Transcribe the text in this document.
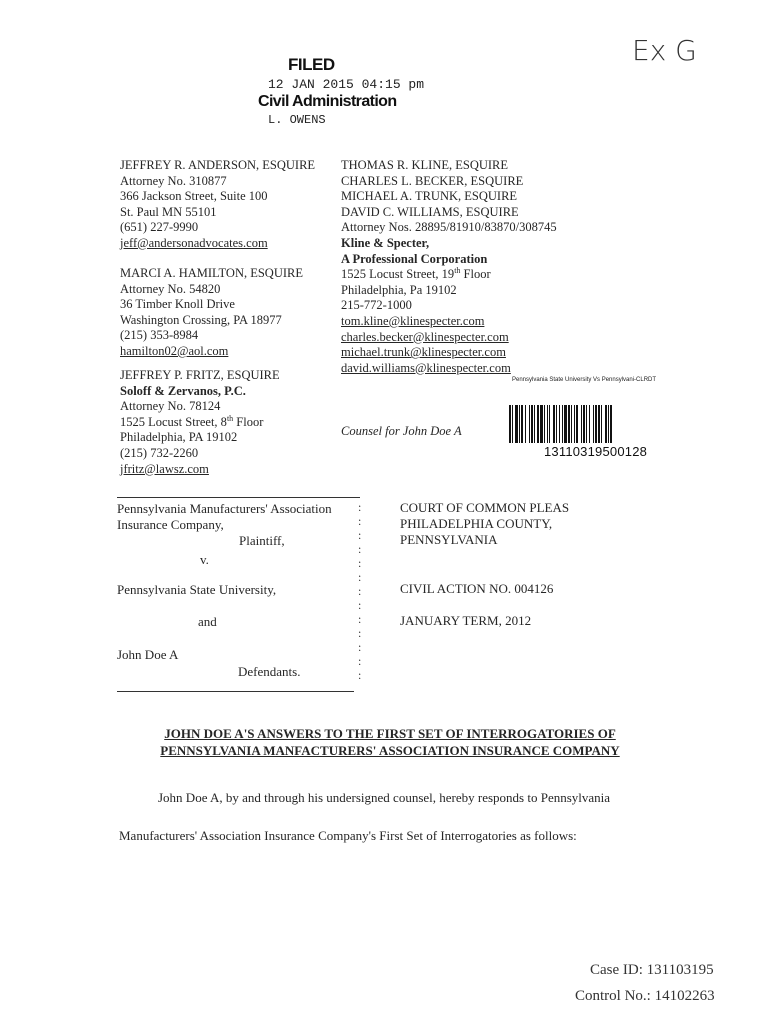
Ex G
FILED
12 JAN 2015 04:15 pm
Civil Administration
L. OWENS
JEFFREY R. ANDERSON, ESQUIRE
Attorney No. 310877
366 Jackson Street, Suite 100
St. Paul MN 55101
(651) 227-9990
jeff@andersonadvocates.com
MARCI A. HAMILTON, ESQUIRE
Attorney No. 54820
36 Timber Knoll Drive
Washington Crossing, PA 18977
(215) 353-8984
hamilton02@aol.com
JEFFREY P. FRITZ, ESQUIRE
Soloff & Zervanos, P.C.
Attorney No. 78124
1525 Locust Street, 8th Floor
Philadelphia, PA 19102
(215) 732-2260
jfritz@lawsz.com
THOMAS R. KLINE, ESQUIRE
CHARLES L. BECKER, ESQUIRE
MICHAEL A. TRUNK, ESQUIRE
DAVID C. WILLIAMS, ESQUIRE
Attorney Nos. 28895/81910/83870/308745
Kline & Specter,
A Professional Corporation
1525 Locust Street, 19th Floor
Philadelphia, Pa 19102
215-772-1000
tom.kline@klinespecter.com
charles.becker@klinespecter.com
michael.trunk@klinespecter.com
david.williams@klinespecter.com
Counsel for John Doe A
Pennsylvania State University Vs Pennsylvani-CLRDT
13110319500128
Pennsylvania Manufacturers' Association
Insurance Company,
Plaintiff,
v.
Pennsylvania State University,
and
John Doe A
Defendants.
:
:
:
:
:
:
:
:
:
:
:
:
:
COURT OF COMMON PLEAS
PHILADELPHIA COUNTY,
PENNSYLVANIA
CIVIL ACTION NO. 004126
JANUARY TERM, 2012
JOHN DOE A'S ANSWERS TO THE FIRST SET OF INTERROGATORIES OF
PENNSYLVANIA MANFACTURERS' ASSOCIATION INSURANCE COMPANY
John Doe A, by and through his undersigned counsel, hereby responds to Pennsylvania
Manufacturers' Association Insurance Company's First Set of Interrogatories as follows:
Case ID: 131103195
Control No.: 14102263
